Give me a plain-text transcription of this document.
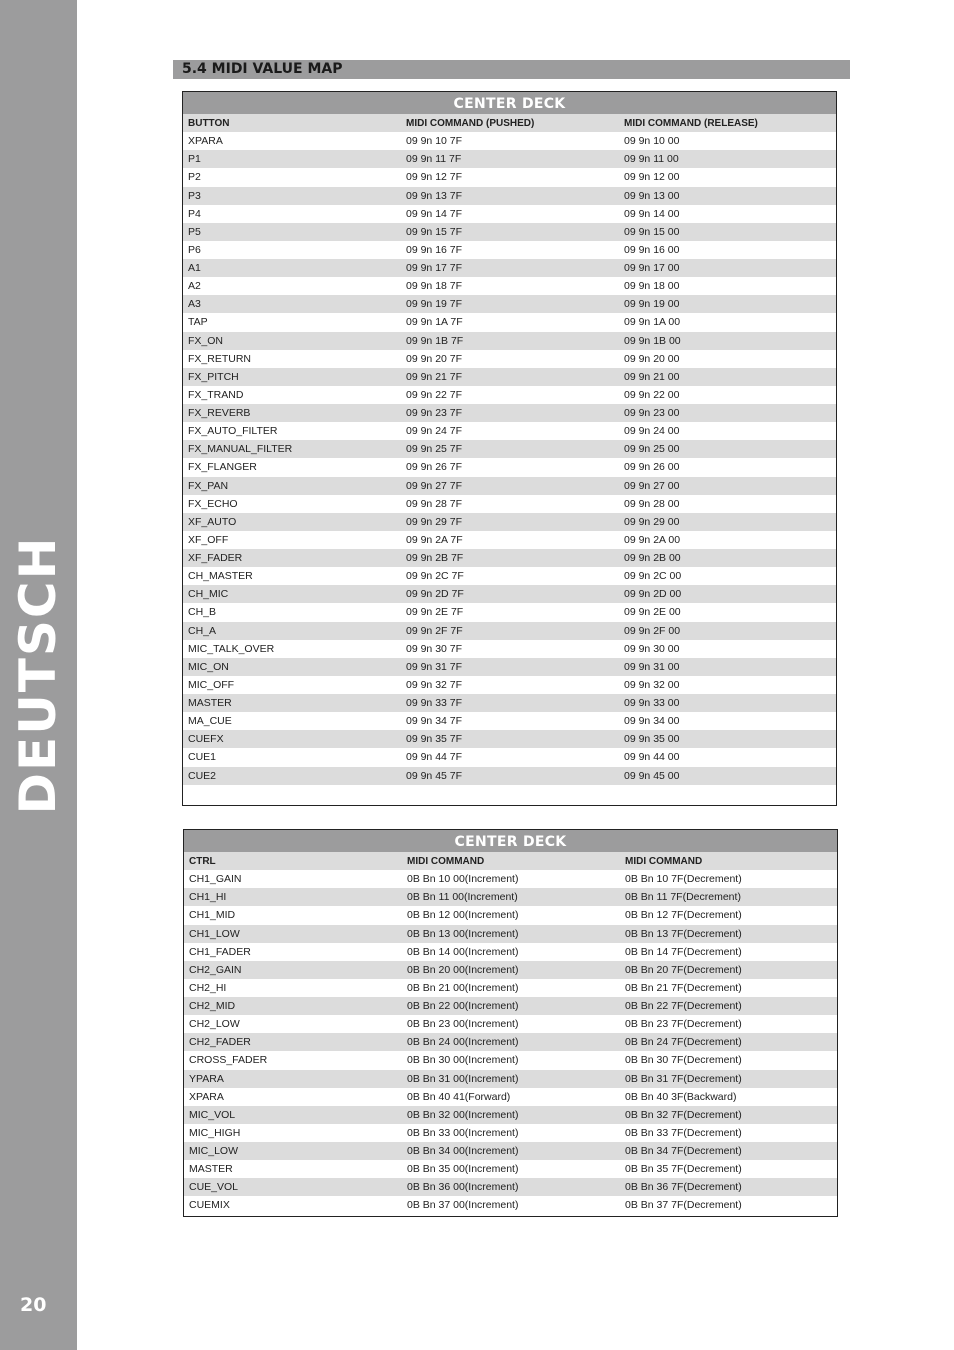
DEUTSCH
20
5.4 MIDI VALUE MAP
CENTER DECK
BUTTON	MIDI COMMAND (PUSHED)	MIDI COMMAND (RELEASE)
XPARA	09 9n 10 7F	09 9n 10 00
P1	09 9n 11 7F	09 9n 11 00
P2	09 9n 12 7F	09 9n 12 00
P3	09 9n 13 7F	09 9n 13 00
P4	09 9n 14 7F	09 9n 14 00
P5	09 9n 15 7F	09 9n 15 00
P6	09 9n 16 7F	09 9n 16 00
A1	09 9n 17 7F	09 9n 17 00
A2	09 9n 18 7F	09 9n 18 00
A3	09 9n 19 7F	09 9n 19 00
TAP	09 9n 1A 7F	09 9n 1A 00
FX_ON	09 9n 1B 7F	09 9n 1B 00
FX_RETURN	09 9n 20 7F	09 9n 20 00
FX_PITCH	09 9n 21 7F	09 9n 21 00
FX_TRAND	09 9n 22 7F	09 9n 22 00
FX_REVERB	09 9n 23 7F	09 9n 23 00
FX_AUTO_FILTER	09 9n 24 7F	09 9n 24 00
FX_MANUAL_FILTER	09 9n 25 7F	09 9n 25 00
FX_FLANGER	09 9n 26 7F	09 9n 26 00
FX_PAN	09 9n 27 7F	09 9n 27 00
FX_ECHO	09 9n 28 7F	09 9n 28 00
XF_AUTO	09 9n 29 7F	09 9n 29 00
XF_OFF	09 9n 2A 7F	09 9n 2A 00
XF_FADER	09 9n 2B 7F	09 9n 2B 00
CH_MASTER	09 9n 2C 7F	09 9n 2C 00
CH_MIC	09 9n 2D 7F	09 9n 2D 00
CH_B	09 9n 2E 7F	09 9n 2E 00
CH_A	09 9n 2F 7F	09 9n 2F 00
MIC_TALK_OVER	09 9n 30 7F	09 9n 30 00
MIC_ON	09 9n 31 7F	09 9n 31 00
MIC_OFF	09 9n 32 7F	09 9n 32 00
MASTER	09 9n 33 7F	09 9n 33 00
MA_CUE	09 9n 34 7F	09 9n 34 00
CUEFX	09 9n 35 7F	09 9n 35 00
CUE1	09 9n 44 7F	09 9n 44 00
CUE2	09 9n 45 7F	09 9n 45 00
CENTER DECK
CTRL	MIDI COMMAND	MIDI COMMAND
CH1_GAIN	0B Bn 10 00(Increment)	0B Bn 10 7F(Decrement)
CH1_HI	0B Bn 11 00(Increment)	0B Bn 11 7F(Decrement)
CH1_MID	0B Bn 12 00(Increment)	0B Bn 12 7F(Decrement)
CH1_LOW	0B Bn 13 00(Increment)	0B Bn 13 7F(Decrement)
CH1_FADER	0B Bn 14 00(Increment)	0B Bn 14 7F(Decrement)
CH2_GAIN	0B Bn 20 00(Increment)	0B Bn 20 7F(Decrement)
CH2_HI	0B Bn 21 00(Increment)	0B Bn 21 7F(Decrement)
CH2_MID	0B Bn 22 00(Increment)	0B Bn 22 7F(Decrement)
CH2_LOW	0B Bn 23 00(Increment)	0B Bn 23 7F(Decrement)
CH2_FADER	0B Bn 24 00(Increment)	0B Bn 24 7F(Decrement)
CROSS_FADER	0B Bn 30 00(Increment)	0B Bn 30 7F(Decrement)
YPARA	0B Bn 31 00(Increment)	0B Bn 31 7F(Decrement)
XPARA	0B Bn 40 41(Forward)	0B Bn 40 3F(Backward)
MIC_VOL	0B Bn 32 00(Increment)	0B Bn 32 7F(Decrement)
MIC_HIGH	0B Bn 33 00(Increment)	0B Bn 33 7F(Decrement)
MIC_LOW	0B Bn 34 00(Increment)	0B Bn 34 7F(Decrement)
MASTER	0B Bn 35 00(Increment)	0B Bn 35 7F(Decrement)
CUE_VOL	0B Bn 36 00(Increment)	0B Bn 36 7F(Decrement)
CUEMIX	0B Bn 37 00(Increment)	0B Bn 37 7F(Decrement)
